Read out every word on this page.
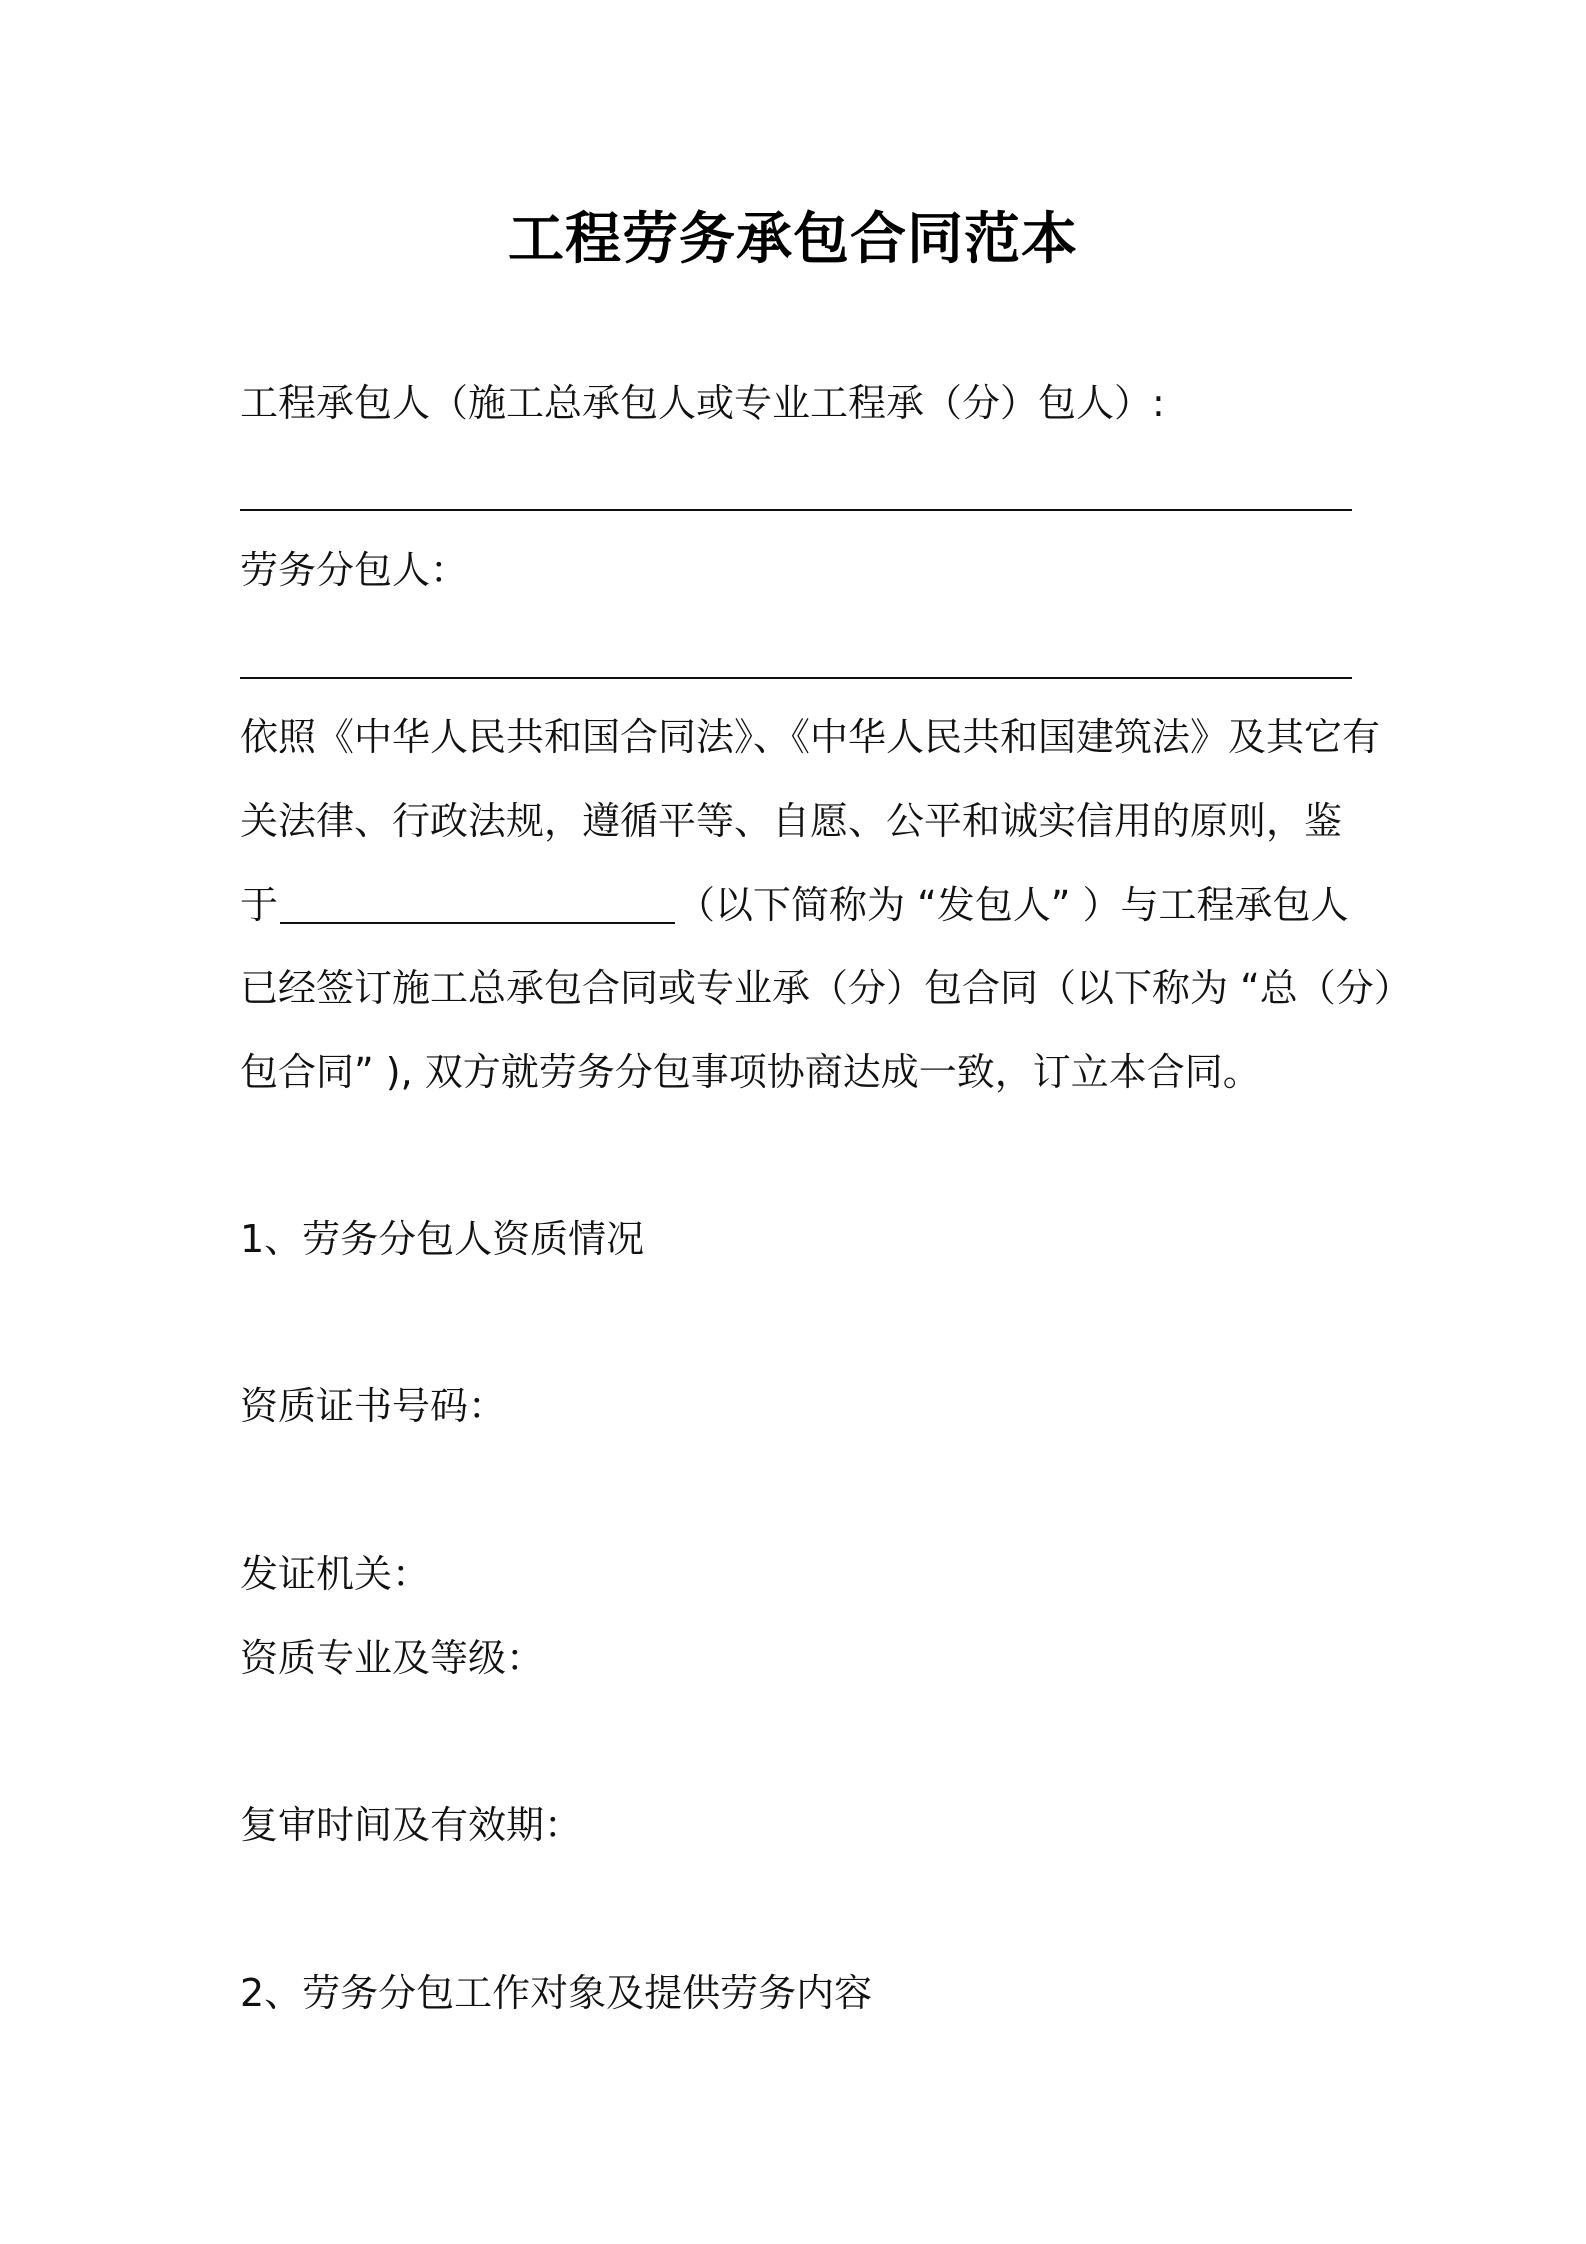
工程劳务承包合同范本
工程承包人（施工总承包人或专业工程承（分）包人）:
劳务分包人：
依照《中华人民共和国合同法》、《中华人民共和国建筑法》及其它有
关法律、行政法规，遵循平等、自愿、公平和诚实信用的原则，鉴
于	（以下简称为 “发包人” ）与工程承包人
已经签订施工总承包合同或专业承（分）包合同（以下称为 “总（分）
包合同” ), 双方就劳务分包事项协商达成一致，订立本合同。
1、劳务分包人资质情况
资质证书号码：
发证机关：
资质专业及等级：
复审时间及有效期：
2、劳务分包工作对象及提供劳务内容
